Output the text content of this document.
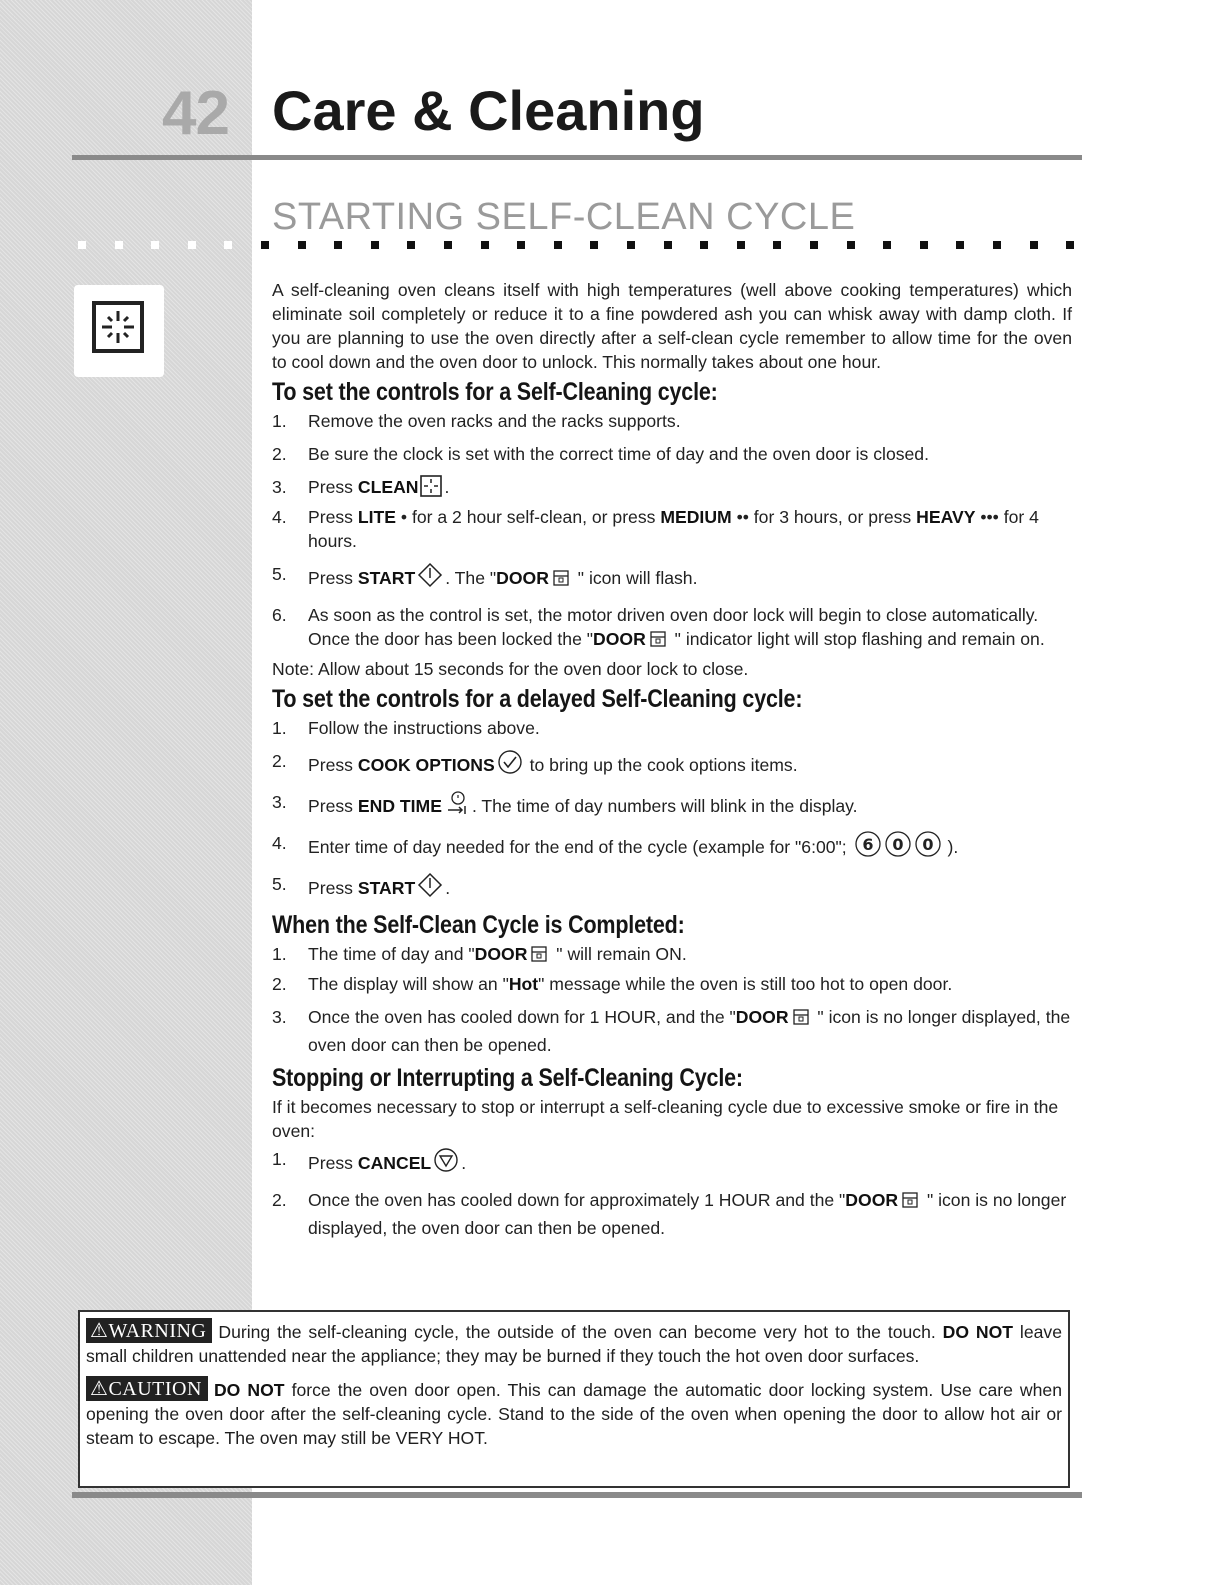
42 Care & Cleaning
STARTING SELF-CLEAN CYCLE

A self-cleaning oven cleans itself with high temperatures (well above cooking temperatures) which eliminate soil completely or reduce it to a fine powdered ash you can whisk away with damp cloth. If you are planning to use the oven directly after a self-clean cycle remember to allow time for the oven to cool down and the oven door to unlock. This normally takes about one hour.

To set the controls for a Self-Cleaning cycle:
1. Remove the oven racks and the racks supports.
2. Be sure the clock is set with the correct time of day and the oven door is closed.
3. Press CLEAN .
4. Press LITE • for a 2 hour self-clean, or press MEDIUM •• for 3 hours, or press HEAVY ••• for 4 hours.
5. Press START . The "DOOR " icon will flash.
6. As soon as the control is set, the motor driven oven door lock will begin to close automatically. Once the door has been locked the "DOOR " indicator light will stop flashing and remain on.

Note: Allow about 15 seconds for the oven door lock to close.

To set the controls for a delayed Self-Cleaning cycle:
1. Follow the instructions above.
2. Press COOK OPTIONS to bring up the cook options items.
3. Press END TIME . The time of day numbers will blink in the display.
4. Enter time of day needed for the end of the cycle (example for "6:00"; 6 0 0 ).
5. Press START .
When the Self-Clean Cycle is Completed:
1. The time of day and "DOOR " will remain ON.
2. The display will show an "Hot" message while the oven is still too hot to open door.
3. Once the oven has cooled down for 1 HOUR, and the "DOOR " icon is no longer displayed, the oven door can then be opened.
Stopping or Interrupting a Self-Cleaning Cycle:

If it becomes necessary to stop or interrupt a self-cleaning cycle due to excessive smoke or fire in the oven:

1. Press CANCEL .
2. Once the oven has cooled down for approximately 1 HOUR and the "DOOR " icon is no longer displayed, the oven door can then be opened.

⚠WARNING During the self-cleaning cycle, the outside of the oven can become very hot to the touch. DO NOT leave small children unattended near the appliance; they may be burned if they touch the hot oven door surfaces.

⚠CAUTION DO NOT force the oven door open. This can damage the automatic door locking system. Use care when opening the oven door after the self-cleaning cycle. Stand to the side of the oven when opening the door to allow hot air or steam to escape. The oven may still be VERY HOT.
